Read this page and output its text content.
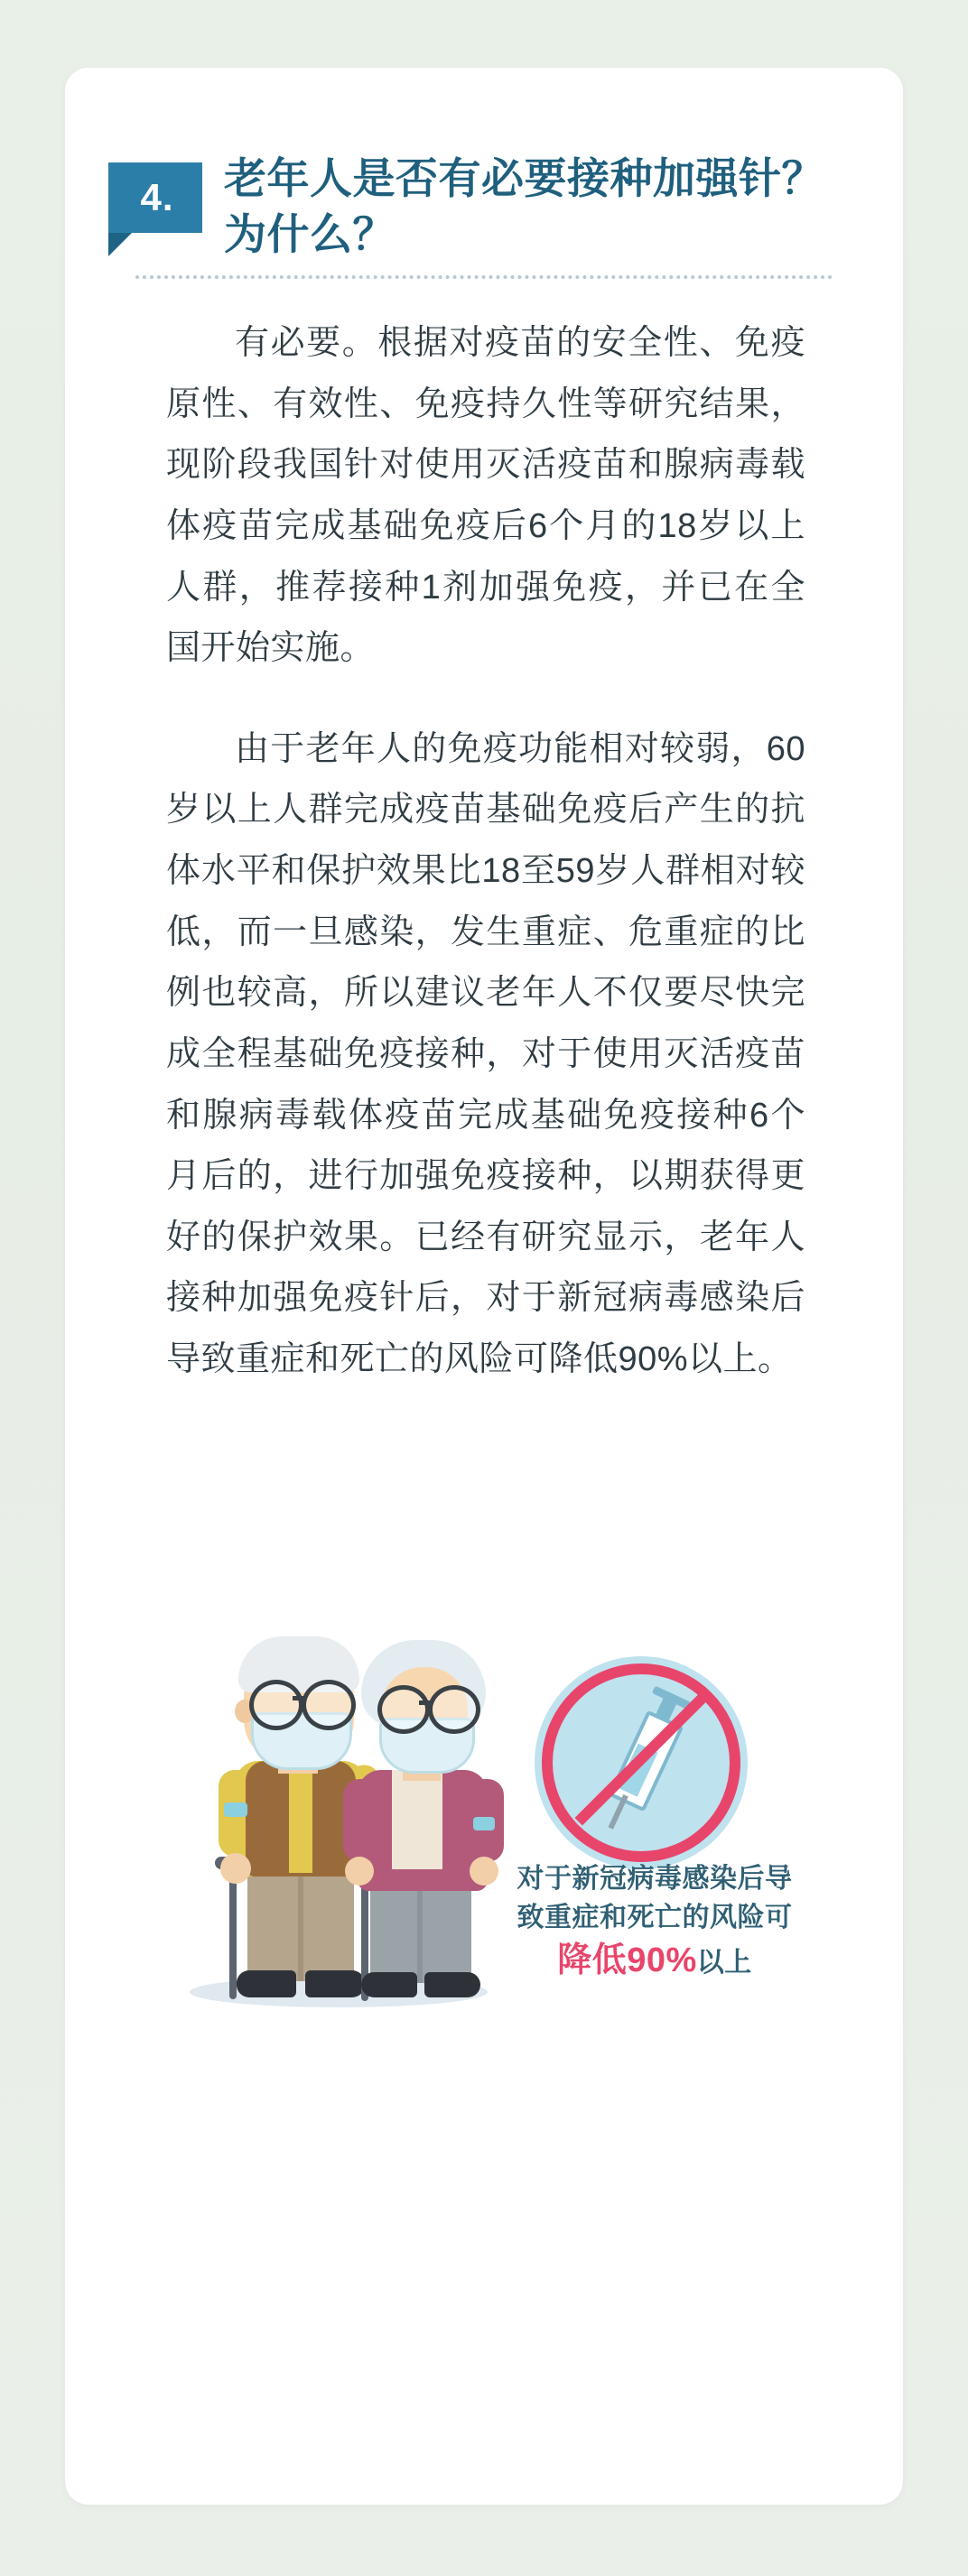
4. 老年人是否有必要接种加强针？为什么？

有必要。根据对疫苗的安全性、免疫原性、有效性、免疫持久性等研究结果，现阶段我国针对使用灭活疫苗和腺病毒载体疫苗完成基础免疫后6个月的18岁以上人群，推荐接种1剂加强免疫，并已在全国开始实施。

由于老年人的免疫功能相对较弱，60岁以上人群完成疫苗基础免疫后产生的抗体水平和保护效果比18至59岁人群相对较低，而一旦感染，发生重症、危重症的比例也较高，所以建议老年人不仅要尽快完成全程基础免疫接种，对于使用灭活疫苗和腺病毒载体疫苗完成基础免疫接种6个月后的，进行加强免疫接种，以期获得更好的保护效果。已经有研究显示，老年人接种加强免疫针后，对于新冠病毒感染后导致重症和死亡的风险可降低90%以上。

对于新冠病毒感染后导
致重症和死亡的风险可
降低90%以上
